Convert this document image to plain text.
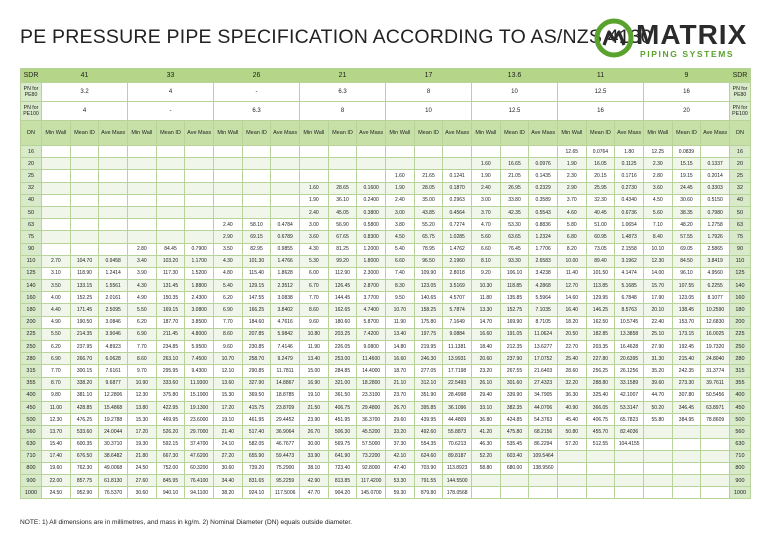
PE PRESSURE PIPE SPECIFICATION ACCORDING TO AS/NZS 4130
MATRIX
PIPING SYSTEMS
SDR	41			33			26			21			17			13.6			11			9			SDR
PN for PE80	3.2			4			-			6.3			8			10			12.5			16			PN for PE80
PN for PE100	4			-			6.3			8			10			12.5			16			20			PN for PE100
DN	Min Wall	Mean ID	Ave Mass	Min Wall	Mean ID	Ave Mass	Min Wall	Mean ID	Ave Mass	Min Wall	Mean ID	Ave Mass	Min Wall	Mean ID	Ave Mass	Min Wall	Mean ID	Ave Mass	Min Wall	Mean ID	Ave Mass	Min Wall	Mean ID	Ave Mass	DN
16																			12.65	0.0764	1.80	12.25	0.0839		16
20																1.60	16.65	0.0976	1.90	16.05	0.1125	2.30	15.15	0.1337	20
25													1.60	21.65	0.1241	1.90	21.05	0.1435	2.30	20.15	0.1716	2.80	19.15	0.2014	25
32										1.60	28.65	0.1600	1.90	28.05	0.1870	2.40	26.95	0.2329	2.90	25.95	0.2730	3.60	24.45	0.3303	32
40										1.90	36.10	0.2400	2.40	35.00	0.2963	3.00	33.80	0.3589	3.70	32.30	0.4340	4.50	30.60	0.5150	40
50										2.40	45.05	0.3800	3.00	43.85	0.4564	3.70	42.35	0.5543	4.60	40.45	0.6736	5.60	38.35	0.7980	50
63							2.40	58.10	0.4784	3.00	56.90	0.5800	3.80	55.20	0.7274	4.70	53.30	0.8836	5.80	51.00	1.0654	7.10	48.20	1.2758	63
75							2.90	69.15	0.6789	3.60	67.65	0.8300	4.50	65.75	1.0285	5.60	63.65	1.2324	6.80	60.95	1.4873	8.40	57.55	1.7926	75
90				2.80	84.45	0.7900	3.50	82.95	0.9855	4.30	81.25	1.2000	5.40	78.95	1.4762	6.60	76.45	1.7706	8.20	73.05	2.1558	10.10	69.05	2.5865	90
110	2.70	104.70	0.9458	3.40	103.20	1.1700	4.30	101.30	1.4766	5.30	99.20	1.8000	6.60	96.50	2.1960	8.10	93.30	2.6583	10.00	89.40	3.1962	12.30	84.50	3.8419	110
125	3.10	118.90	1.2414	3.90	117.30	1.5200	4.80	115.40	1.8628	6.00	112.90	2.3000	7.40	109.90	2.8018	9.20	106.10	3.4238	11.40	101.50	4.1474	14.00	96.10	4.9560	125
140	3.50	133.15	1.5561	4.30	131.45	1.8800	5.40	129.15	2.3512	6.70	126.45	2.8700	8.30	123.05	3.5169	10.30	118.85	4.2868	12.70	113.85	5.1685	15.70	107.55	6.2255	140
160	4.00	152.25	2.0161	4.90	150.35	2.4300	6.20	147.55	3.0838	7.70	144.45	3.7700	9.50	140.65	4.5707	11.80	135.85	5.5964	14.60	129.95	6.7848	17.90	123.05	8.1077	160
180	4.40	171.45	2.5095	5.50	169.15	3.0800	6.90	166.25	3.8402	8.60	162.65	4.7400	10.70	158.25	5.7874	13.30	152.75	7.1035	16.40	146.25	8.5763	20.10	138.45	10.2590	180
200	4.90	190.50	3.0846	6.20	187.70	3.8500	7.70	184.60	4.7616	9.60	180.60	5.8700	11.90	175.80	7.1649	14.70	169.90	8.7105	18.20	162.50	10.5745	22.40	153.70	12.6830	200
225	5.50	214.35	3.9046	6.90	211.45	4.8000	8.60	207.85	5.9842	10.80	203.25	7.4200	13.40	197.75	9.0884	16.60	191.05	11.0624	20.50	182.85	13.3858	25.10	173.15	16.0025	225
250	6.20	237.95	4.8923	7.70	234.85	5.9500	9.60	230.85	7.4146	11.90	226.05	9.0800	14.80	219.95	11.1381	18.40	212.35	13.6277	22.70	203.35	16.4628	27.90	192.45	19.7320	250
280	6.90	266.70	6.0628	8.60	263.10	7.4500	10.70	258.70	9.2479	13.40	253.00	11.4600	16.60	246.30	13.9931	20.60	237.90	17.0752	25.40	227.80	20.6395	31.30	215.40	24.8040	280
315	7.70	300.15	7.6161	9.70	295.95	9.4300	12.10	290.85	11.7811	15.00	284.85	14.4000	18.70	277.05	17.7198	23.20	267.55	21.6403	28.60	256.25	26.1256	35.20	242.35	31.3774	315
355	8.70	338.20	9.6877	10.90	333.60	11.9300	13.60	327.90	14.8867	16.90	321.00	18.2800	21.10	312.10	22.5493	26.10	301.60	27.4323	32.20	288.80	33.1589	39.60	273.30	39.7611	355
400	9.80	381.10	12.2806	12.30	375.80	15.1900	15.30	369.50	18.8785	19.10	361.50	23.3100	23.70	351.90	28.4998	29.40	339.90	34.7905	36.30	325.40	42.1007	44.70	307.80	50.5456	400
450	11.00	428.85	15.4868	13.80	422.95	19.1300	17.20	415.75	23.8709	21.50	406.75	29.4800	26.70	395.85	36.1096	33.10	382.35	44.0706	40.90	366.05	53.3147	50.20	346.45	63.8971	450
500	12.30	476.25	19.2788	15.30	469.95	23.6000	19.10	461.95	29.4452	23.90	451.95	36.3700	29.60	439.95	44.4809	36.80	424.85	54.3763	45.40	406.75	65.7823	55.80	384.95	78.8609	500
560	13.70	533.60	24.0044	17.20	526.20	29.7000	21.40	517.40	36.9064	26.70	506.30	45.5200	33.20	492.60	55.8873	41.20	475.80	68.2156	50.80	455.70	82.4036				560
630	15.40	600.35	30.3710	19.30	592.15	37.4700	24.10	582.05	46.7677	30.00	569.75	57.5000	37.30	554.35	70.6213	46.30	535.45	86.2294	57.20	512.55	104.4155				630
710	17.40	676.50	38.6482	21.80	667.30	47.6200	27.20	655.90	59.4473	33.90	641.90	73.2200	42.10	624.60	89.8187	52.20	603.40	109.5464							710
800	19.60	762.30	49.0068	24.50	752.00	60.3200	30.60	739.20	75.2900	38.10	723.40	92.8000	47.40	703.90	113.8923	58.80	680.00	138.9560							800
900	22.00	857.75	61.8130	27.60	845.95	76.4100	34.40	831.65	95.2259	42.90	813.85	117.4200	53.30	791.55	144.5500										900
1000	24.50	952.90	76.5370	30.60	940.10	94.1100	38.20	924.10	117.5006	47.70	904.20	145.0700	59.30	879.80	178.0568										1000
NOTE: 1) All dimensions are in millimetres, and mass in kg/m. 2) Nominal Diameter (DN) equals outside diameter.
